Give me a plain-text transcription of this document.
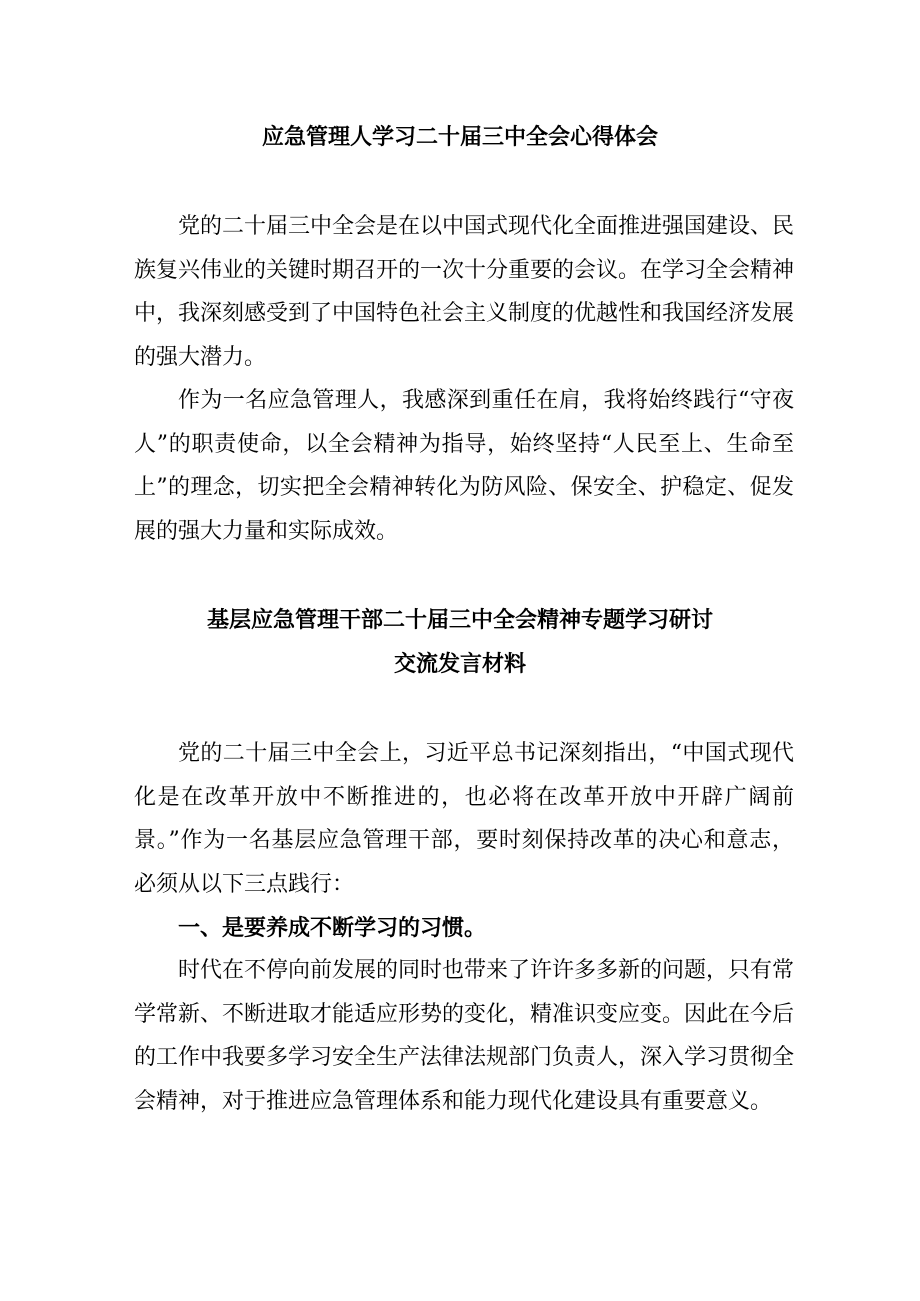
应急管理人学习二十届三中全会心得体会

党的二十届三中全会是在以中国式现代化全面推进强国建设、民族复兴伟业的关键时期召开的一次十分重要的会议。在学习全会精神中，我深刻感受到了中国特色社会主义制度的优越性和我国经济发展的强大潜力。

作为一名应急管理人，我感深到重任在肩，我将始终践行“守夜人”的职责使命，以全会精神为指导，始终坚持“人民至上、生命至上”的理念，切实把全会精神转化为防风险、保安全、护稳定、促发展的强大力量和实际成效。

基层应急管理干部二十届三中全会精神专题学习研讨
交流发言材料

党的二十届三中全会上，习近平总书记深刻指出，“中国式现代化是在改革开放中不断推进的，也必将在改革开放中开辟广阔前景。”作为一名基层应急管理干部，要时刻保持改革的决心和意志，必须从以下三点践行：

一、是要养成不断学习的习惯。

时代在不停向前发展的同时也带来了许许多多新的问题，只有常学常新、不断进取才能适应形势的变化，精准识变应变。因此在今后的工作中我要多学习安全生产法律法规部门负责人，深入学习贯彻全会精神，对于推进应急管理体系和能力现代化建设具有重要意义。
